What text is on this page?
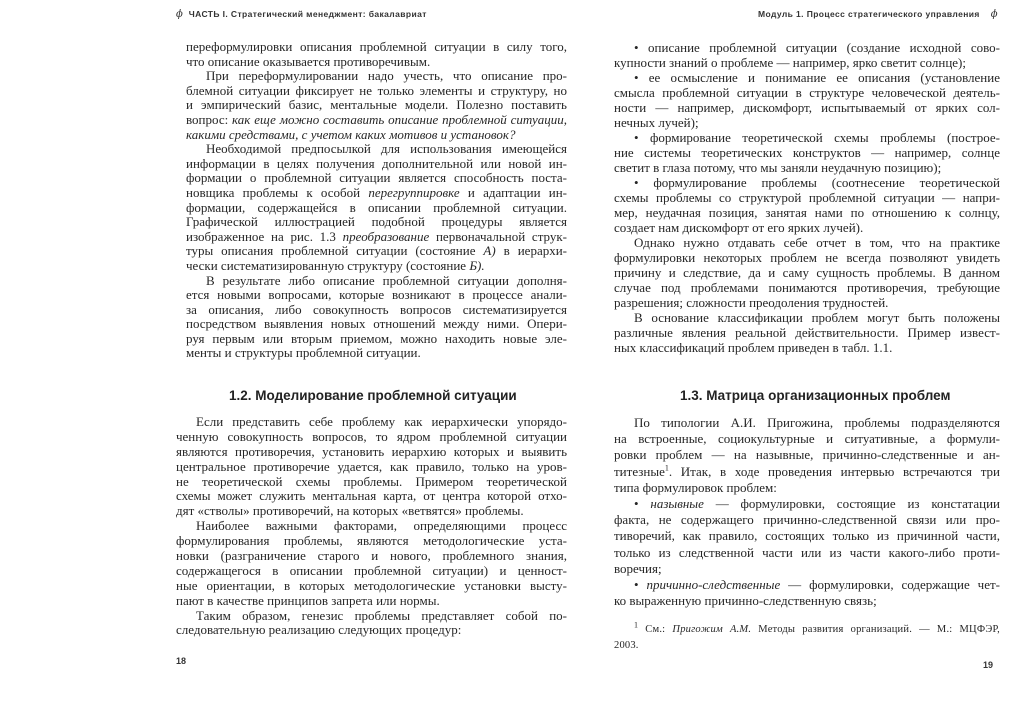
ϕ ЧАСТЬ I. Стратегический менеджмент: бакалавриат
переформулировки описания проблемной ситуации в силу того,
что описание оказывается противоречивым.
При переформулировании надо учесть, что описание про-
блемной ситуации фиксирует не только элементы и структуру, но
и эмпирический базис, ментальные модели. Полезно поставить
вопрос: как еще можно составить описание проблемной ситуации,
какими средствами, с учетом каких мотивов и установок?
Необходимой предпосылкой для использования имеющейся
информации в целях получения дополнительной или новой ин-
формации о проблемной ситуации является способность поста-
новщика проблемы к особой перегруппировке и адаптации ин-
формации, содержащейся в описании проблемной ситуации.
Графической иллюстрацией подобной процедуры является
изображенное на рис. 1.3 преобразование первоначальной струк-
туры описания проблемной ситуации (состояние А) в иерархи-
чески систематизированную структуру (состояние Б).
В результате либо описание проблемной ситуации дополня-
ется новыми вопросами, которые возникают в процессе анали-
за описания, либо совокупность вопросов систематизируется
посредством выявления новых отношений между ними. Опери-
руя первым или вторым приемом, можно находить новые эле-
менты и структуры проблемной ситуации.
1.2. Моделирование проблемной ситуации
Если представить себе проблему как иерархически упорядо-
ченную совокупность вопросов, то ядром проблемной ситуации
являются противоречия, установить иерархию которых и выявить
центральное противоречие удается, как правило, только на уров-
не теоретической схемы проблемы. Примером теоретической
схемы может служить ментальная карта, от центра которой отхо-
дят «стволы» противоречий, на которых «ветвятся» проблемы.
Наиболее важными факторами, определяющими процесс
формулирования проблемы, являются методологические уста-
новки (разграничение старого и нового, проблемного знания,
содержащегося в описании проблемной ситуации) и ценност-
ные ориентации, в которых методологические установки высту-
пают в качестве принципов запрета или нормы.
Таким образом, генезис проблемы представляет собой по-
следовательную реализацию следующих процедур:
18
Модуль 1. Процесс стратегического управления ϕ
• описание проблемной ситуации (создание исходной сово-
купности знаний о проблеме — например, ярко светит солнце);
• ее осмысление и понимание ее описания (установление
смысла проблемной ситуации в структуре человеческой деятель-
ности — например, дискомфорт, испытываемый от ярких сол-
нечных лучей);
• формирование теоретической схемы проблемы (построе-
ние системы теоретических конструктов — например, солнце
светит в глаза потому, что мы заняли неудачную позицию);
• формулирование проблемы (соотнесение теоретической
схемы проблемы со структурой проблемной ситуации — напри-
мер, неудачная позиция, занятая нами по отношению к солнцу,
создает нам дискомфорт от его ярких лучей).
Однако нужно отдавать себе отчет в том, что на практике
формулировки некоторых проблем не всегда позволяют увидеть
причину и следствие, да и саму сущность проблемы. В данном
случае под проблемами понимаются противоречия, требующие
разрешения; сложности преодоления трудностей.
В основание классификации проблем могут быть положены
различные явления реальной действительности. Пример извест-
ных классификаций проблем приведен в табл. 1.1.
1.3. Матрица организационных проблем
По типологии А.И. Пригожина, проблемы подразделяются
на встроенные, социокультурные и ситуативные, а формули-
ровки проблем — на назывные, причинно-следственные и ан-
титезные$^1$. Итак, в ходе проведения интервью встречаются три
типа формулировок проблем:
• назывные — формулировки, состоящие из констатации
факта, не содержащего причинно-следственной связи или про-
тиворечий, как правило, состоящих только из причинной части,
только из следственной части или из части какого-либо проти-
воречия;
• причинно-следственные — формулировки, содержащие чет-
ко выраженную причинно-следственную связь;
$^1$ См.: Пригожим А.М. Методы развития организаций. — М.: МЦФЭР,
2003.
19
